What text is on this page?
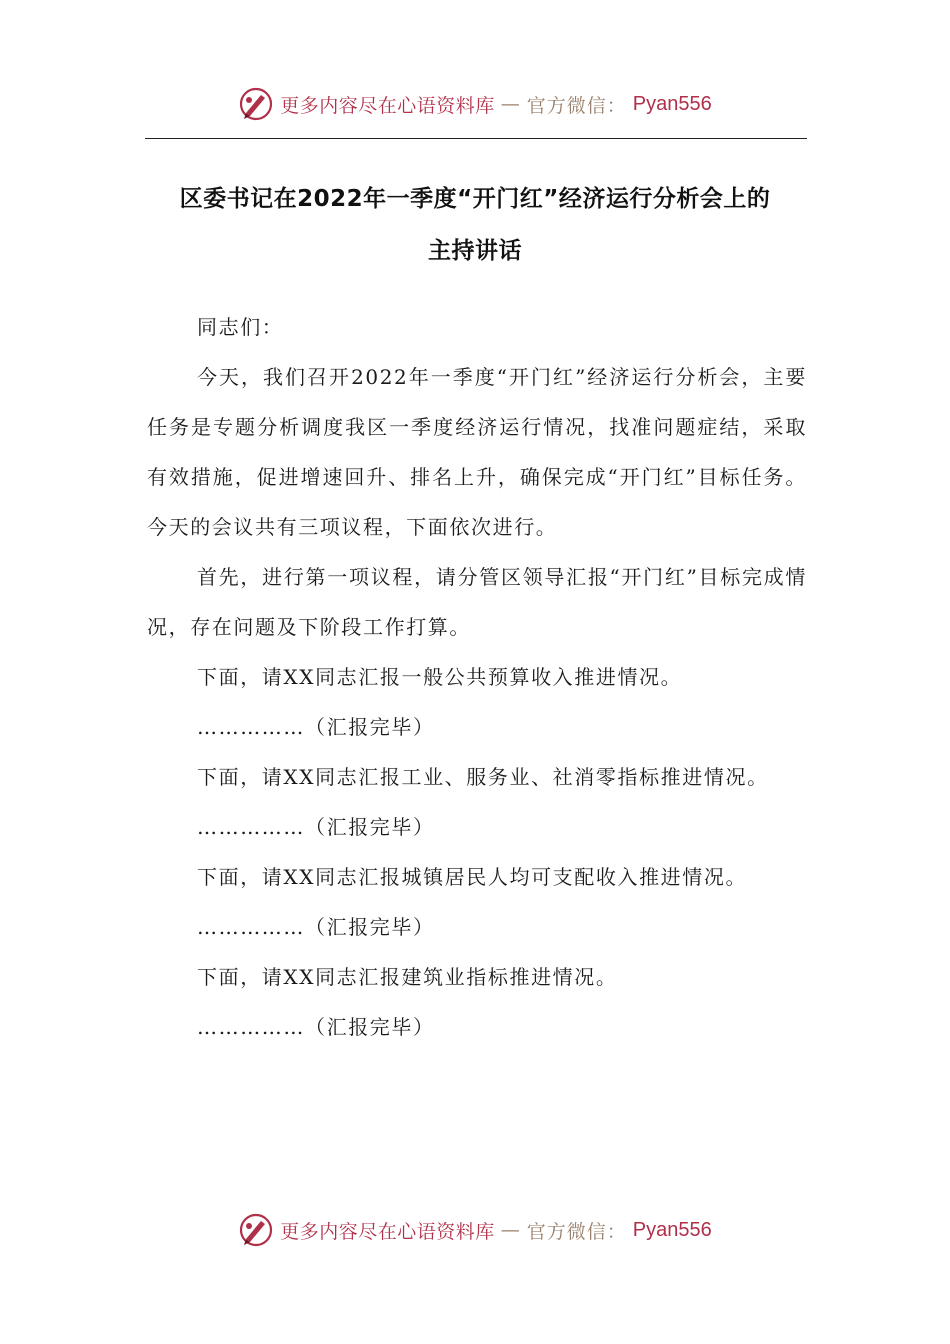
更多内容尽在心语资料库 — 官方微信： Pyan556
区委书记在2022年一季度“开门红”经济运行分析会上的
主持讲话

同志们：

今天，我们召开2022年一季度“开门红”经济运行分析会，主要任务是专题分析调度我区一季度经济运行情况，找准问题症结，采取有效措施，促进增速回升、排名上升，确保完成“开门红”目标任务。今天的会议共有三项议程，下面依次进行。

首先，进行第一项议程，请分管区领导汇报“开门红”目标完成情况，存在问题及下阶段工作打算。

下面，请XX同志汇报一般公共预算收入推进情况。

……………（汇报完毕）

下面，请XX同志汇报工业、服务业、社消零指标推进情况。

……………（汇报完毕）

下面，请XX同志汇报城镇居民人均可支配收入推进情况。

……………（汇报完毕）

下面，请XX同志汇报建筑业指标推进情况。

……………（汇报完毕）

更多内容尽在心语资料库 — 官方微信： Pyan556
